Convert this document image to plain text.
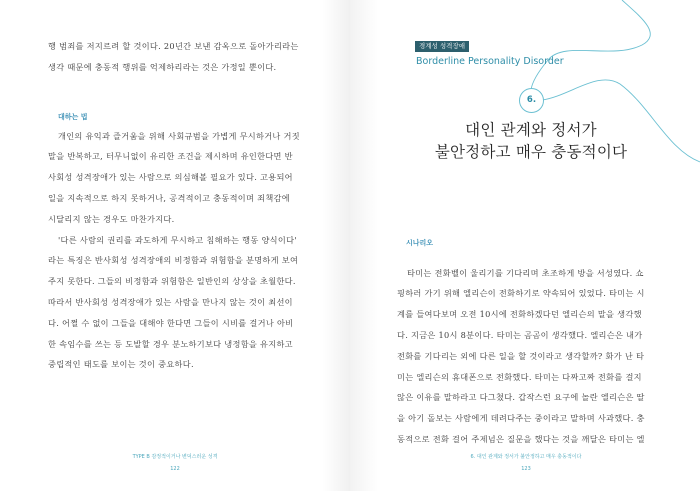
행 범죄를 저지르려 할 것이다. 20년간 보낸 감옥으로 돌아가리라는
생각 때문에 충동적 행위를 억제하리라는 것은 가정일 뿐이다.
대하는 법
개인의 유익과 즐거움을 위해 사회규범을 가볍게 무시하거나 거짓
말을 반복하고, 터무니없이 유리한 조건을 제시하며 유인한다면 반
사회성 성격장애가 있는 사람으로 의심해볼 필요가 있다. 고용되어
일을 지속적으로 하지 못하거나, 공격적이고 충동적이며 죄책감에
시달리지 않는 경우도 마찬가지다.
'다른 사람의 권리를 과도하게 무시하고 침해하는 행동 양식이다'
라는 특징은 반사회성 성격장애의 비정함과 위험함을 분명하게 보여
주지 못한다. 그들의 비정함과 위험함은 일반인의 상상을 초월한다.
따라서 반사회성 성격장애가 있는 사람을 만나지 않는 것이 최선이
다. 어쩔 수 없이 그들을 대해야 한다면 그들이 시비를 걸거나 아비
한 속임수를 쓰는 등 도발할 경우 분노하기보다 냉정함을 유지하고
중립적인 태도를 보이는 것이 중요하다.
TYPE B 감정적이거나 변덕스러운 성격
122
경계성 성격장애
Borderline Personality Disorder
6.
대인 관계와 정서가
불안정하고 매우 충동적이다
시나리오
타미는 전화벨이 울리기를 기다리며 초조하게 방을 서성였다. 쇼
핑하러 가기 위해 엘리슨이 전화하기로 약속되어 있었다. 타미는 시
계를 들여다보며 오전 10시에 전화하겠다던 엘리슨의 말을 생각했
다. 지금은 10시 8분이다. 타미는 곰곰이 생각했다. 엘리슨은 내가
전화를 기다리는 외에 다른 일을 할 것이라고 생각할까? 화가 난 타
미는 엘리슨의 휴대폰으로 전화했다. 타미는 다짜고짜 전화를 걸지
않은 이유를 말하라고 다그쳤다. 갑작스런 요구에 놀란 엘리슨은 딸
을 아기 돌보는 사람에게 데려다주는 중이라고 말하며 사과했다. 충
동적으로 전화 걸어 주제넘은 질문을 했다는 것을 깨달은 타미는 엘
6. 대인 관계와 정서가 불안정하고 매우 충동적이다
123
